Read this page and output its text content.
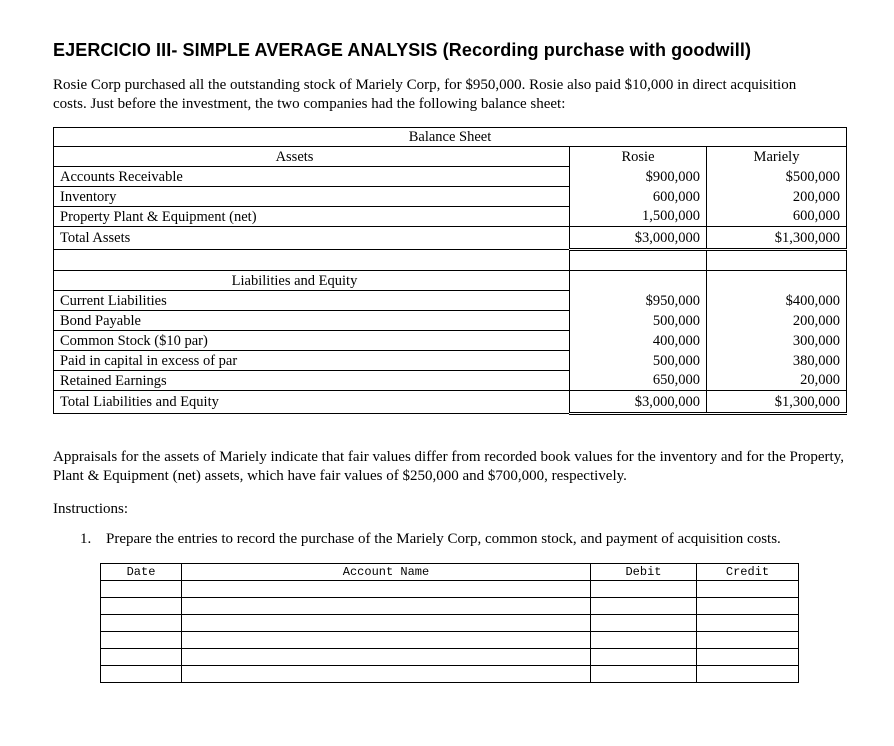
EJERCICIO III- SIMPLE AVERAGE ANALYSIS (Recording purchase with goodwill)
Rosie Corp purchased all the outstanding stock of Mariely Corp, for $950,000. Rosie also paid $10,000 in direct acquisition costs. Just before the investment, the two companies had the following balance sheet:
Balance Sheet		
Assets	Rosie	Mariely
Accounts Receivable	$900,000	$500,000
Inventory	600,000	200,000
Property Plant & Equipment (net)	1,500,000	600,000
Total Assets	$3,000,000	$1,300,000

Liabilities and Equity		
Current Liabilities	$950,000	$400,000
Bond Payable	500,000	200,000
Common Stock ($10 par)	400,000	300,000
Paid in capital in excess of par	500,000	380,000
Retained Earnings	650,000	20,000
Total Liabilities and Equity	$3,000,000	$1,300,000
Appraisals for the assets of Mariely indicate that fair values differ from recorded book values for the inventory and for the Property, Plant & Equipment (net) assets, which have fair values of $250,000 and $700,000, respectively.
Instructions:
1. Prepare the entries to record the purchase of the Mariely Corp, common stock, and payment of acquisition costs.
Date	Account Name	Debit	Credit
